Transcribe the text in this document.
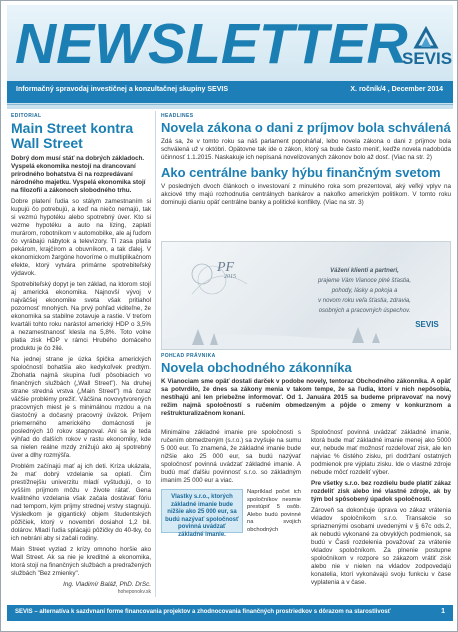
NEWSLETTER
SEVIS
Informačný spravodaj investičnej a konzultačnej skupiny SEVIS	X. ročník/4 , December 2014
EDITORIAL
Main Street kontra Wall Street

Dobrý dom musí stáť na dobrých základoch. Vyspelá ekonomika nestojí na drancovaní prírodného bohatstva či na rozpredávaní národného majetku. Vyspelá ekonomika stojí na filozofii a zákonoch slobodného trhu.

Dobre platení ľudia so stálym zamestnaním si kupujú čo potrebujú, a keď na niečo nemajú, tak si vezmú hypotéku alebo spotrebný úver. Kto si vezme hypotéku a auto na lízing, zaplatí murárom, robotníkom v automobilke, ale aj ľuďom čo vyrábajú nábytok a televízory. Tí zasa platia pekárom, krajčírom a obuvníkom, a tak ďalej. V ekonomickom žargóne hovoríme o multiplikačnom efekte, ktorý vytvára primárne spotrebiteľský výdavok.

Spotrebiteľský dopyt je ten základ, na ktorom stojí aj americká ekonomika. Najnovší vývoj v najväčšej ekonomike sveta však pritiahol pozornosť mnohých. Na prvý pohľad viditeľne, že ekonomika sa stabilne zotavuje a rastie. V treťom kvartáli tohto roku narástol americký HDP o 3,5% a nezamestnanosť klesla na 5,8%. Toto volne platia zisk HDP v rámci Hrubého domáceho produktu je čo žilé.

Na jednej strane je úzka špička amerických spoločností bohatšia ako kedykoľvek predtým. Zbohatla najmä skupina ľudí pôsobiacich vo finančných službách („Wall Street"). Na druhej strane stredná vrstva („Main Street") má čoraz väčšie problémy prežiť. Väčšina novovytvorených pracovných miest je s minimálnou mzdou a na čiastočný a dočasný pracovný úväzok. Príjem priemerného amerického domácnosti je posledných 10 rokov stagnoval. Ani sa je teda výhľad do ďalších rokov v rastu ekonomiky, kde sa nielen reálne mzdy znižujú ako aj spotrebný úver a dlhy rozmýšľa.

Problém začínajú mať aj ich deti. Kríza ukázala, že mať dobrý vzdelanie sa oplatí. Čím prestížnejšiu univerzitu mladí vyštudujú, o to vyšším príjmom môžu v živote rátať. Gena kvalitného vzdelania však začala dostávať fóriu nad tempom, kým príjmy strednej vrstvy stagnujú. Výsledkom je gigantický objem študentských pôžičiek, ktorý v novembri dosiahol 1,2 bil. dolárov. Mladí ľudia splácajú pôžičky do 40-tky, čo ich nebráni aby si začali rodiny.

Main Street vyzlad z krízy omnoho horšie ako Wall Street. Ak sa nie je kreditné a ekonomika, ktorá stojí na finančných službách a predražených službách "Bez zmienky".

Ing. Vladimír Baláž, PhD. DrSc.
hoheponokv.sk
HEADLINES
Novela zákona o dani z príjmov bola schválená

Zdá sa, že v tomto roku sa náš parlament popoháňal, lebo novela zákona o dani z príjmov bola schválená už v októbri. Opätovne tak ide o zákon, ktorý sa bude často meniť, keďže novela nadobúda účinnosť 1.1.2015. Naskakuje ich nepísaná novelizovaných zákonov bolo až dosť. (Viac na str. 2)

Ako centrálne banky hýbu finančným svetom

V posledných dvoch článkoch o investovaní z minulého roka som prezentoval, aký veľký vplyv na akciové trhy majú rozhodnutia centrálnych bankárov a nakoľko americkým politikom. V tomto roku dominujú dianiu opäť centrálne banky a politické konflikty. (Viac na str. 3)

PF
2015
Vážení klienti a partneri,
prajeme Vám Vianoce plné šťastia,
pohody, lásky a pokoja a
v novom roku veľa šťastia, zdravia,
osobných a pracovných úspechov.
SEVIS
POHĽAD PRÁVNIKA
Novela obchodného zákonníka

K Vianociam sme opäť dostali darček v podobe novely, tentoraz Obchodného zákonníka. A opäť sa potvrdilo, že dnes sa zákony menia v takom tempe, že sa ľudia, ktorí v nich nepôsobia, nestíhajú ani len priebežne informovať. Od 1. Januára 2015 sa budeme pripravovať na nový režim najmä spoločností s ručením obmedzeným a pôjde o zmeny v konkurznom a reštrukturalizačnom konaní.

Minimálne základné imanie pre spoločnosti s ručením obmedzeným (s.r.o.) sa zvyšuje na sumu 5 000 eur. To znamená, že základné imanie bude nižšie ako 25 000 eur, sa budú nazývať spoločnosť povinná uvádzať základné imanie. A budú mať ďalšiu povinnosť s.r.o. so základným imaním 25 000 eur a viac.

Vlastky s.r.o., ktorých základné imanie bude nižšie ako 25 000 eur, sa budú nazývať spoločnosť povinná uvádzať základné imanie.

Napríklad počet ich spoločníkov nesmie prestúpiť 5 osôb. Alebo budú povinné na svojich obchodných

Spoločnosť povinná uvádzať základné imanie, ktorá bude mať základné imanie menej ako 5000 eur, nebude mať možnosť rozdeľovať zisk, ale len najviac % čistého zisku, pri dodržaní ostatných podmienok pre výplatu zisku. Ide o vlastné zdroje nebude môcť rozdeliť výber.

Pre všetky s.r.o. bez rozdielu bude platiť zákaz rozdeliť zisk alebo iné vlastné zdroje, ak by tým bol spôsobený úpadok spoločnosti.

Zároveň sa dokončuje úprava vo zákaz vrátenia vkladov spoločníkom s.r.o. Transakcie so spriaznenými osobami uvedenými v § 67c ods.2, ak nebudú vykonané za obvyklých podmienok, sa budú v Časti rozdelenia považovať za vrátenie vkladov spoločníkom. Za plnenie postupne spoločníkom v rozpore so zákazom vrátiť zisk alebo nie v nielen na vkladov zodpovedajú konatelia, ktorí vykonávajú svoju funkciu v čase vyplatenia a v čase.

SEVIS – alternatíva k sazdvnaní forme financovania projektov a zhodnocovania finančných prostriedkov s dôrazom na starostlivosť	1
